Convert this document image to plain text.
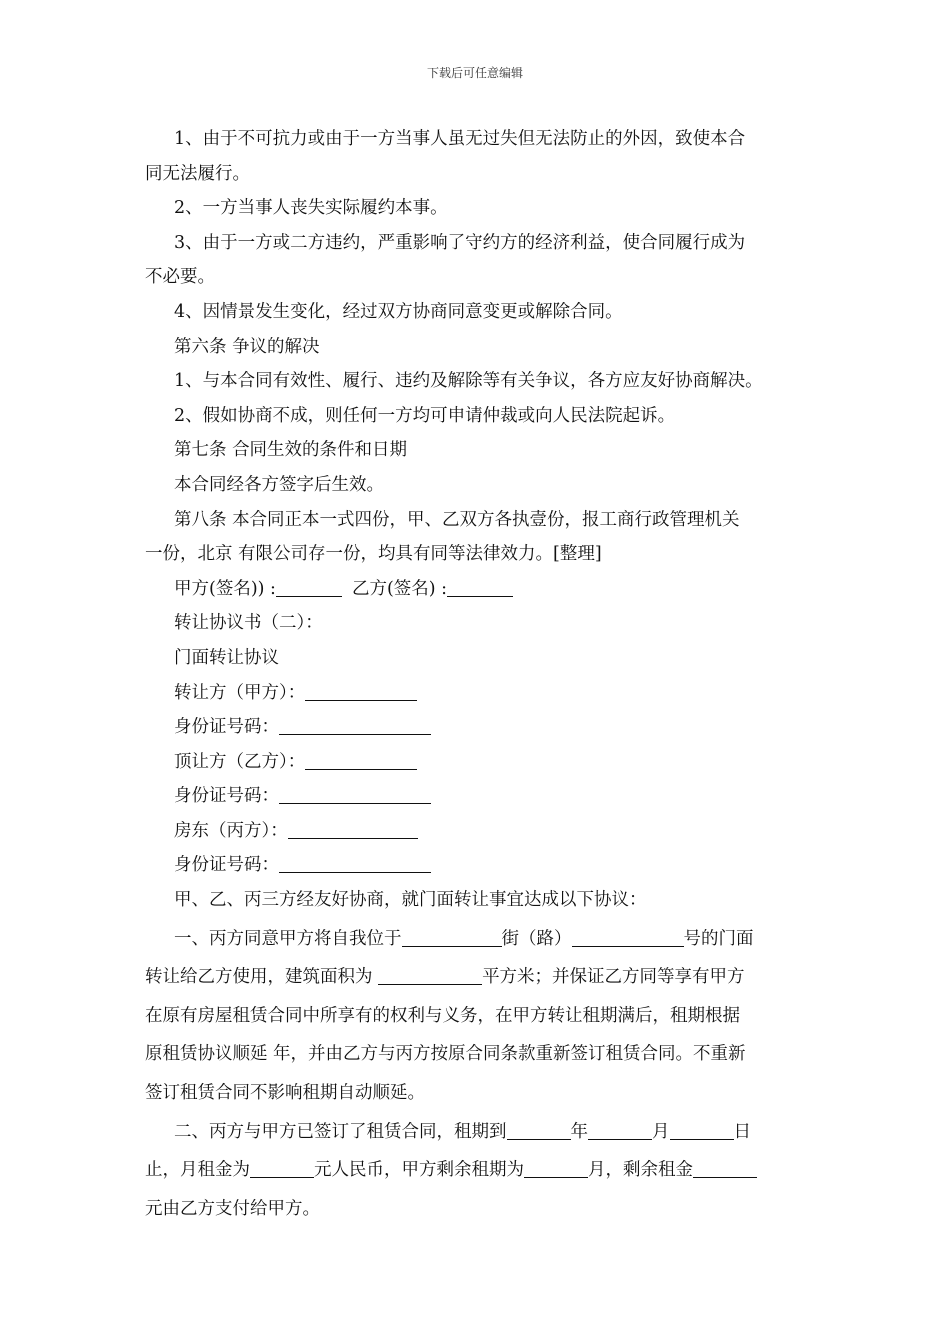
下载后可任意编辑
1、由于不可抗力或由于一方当事人虽无过失但无法防止的外因，致使本合
同无法履行。
2、一方当事人丧失实际履约本事。
3、由于一方或二方违约，严重影响了守约方的经济利益，使合同履行成为
不必要。
4、因情景发生变化，经过双方协商同意变更或解除合同。
第六条 争议的解决
1、与本合同有效性、履行、违约及解除等有关争议，各方应友好协商解决。
2、假如协商不成，则任何一方均可申请仲裁或向人民法院起诉。
第七条 合同生效的条件和日期
本合同经各方签字后生效。
第八条 本合同正本一式四份，甲、乙双方各执壹份，报工商行政管理机关
一份，北京 有限公司存一份，均具有同等法律效力。[整理]
甲方(签名)) :	乙方(签名) :
转让协议书（二）：
门面转让协议
转让方（甲方）：
身份证号码：
顶让方（乙方）：
身份证号码：
房东（丙方）：
身份证号码：
甲、乙、丙三方经友好协商，就门面转让事宜达成以下协议：
一、丙方同意甲方将自我位于	街（路）	号的门面
转让给乙方使用，建筑面积为	平方米；并保证乙方同等享有甲方
在原有房屋租赁合同中所享有的权利与义务，在甲方转让租期满后，租期根据
原租赁协议顺延 年，并由乙方与丙方按原合同条款重新签订租赁合同。不重新
签订租赁合同不影响租期自动顺延。
二、丙方与甲方已签订了租赁合同，租期到	年	月	日
止，月租金为	元人民币，甲方剩余租期为	月，剩余租金
元由乙方支付给甲方。
